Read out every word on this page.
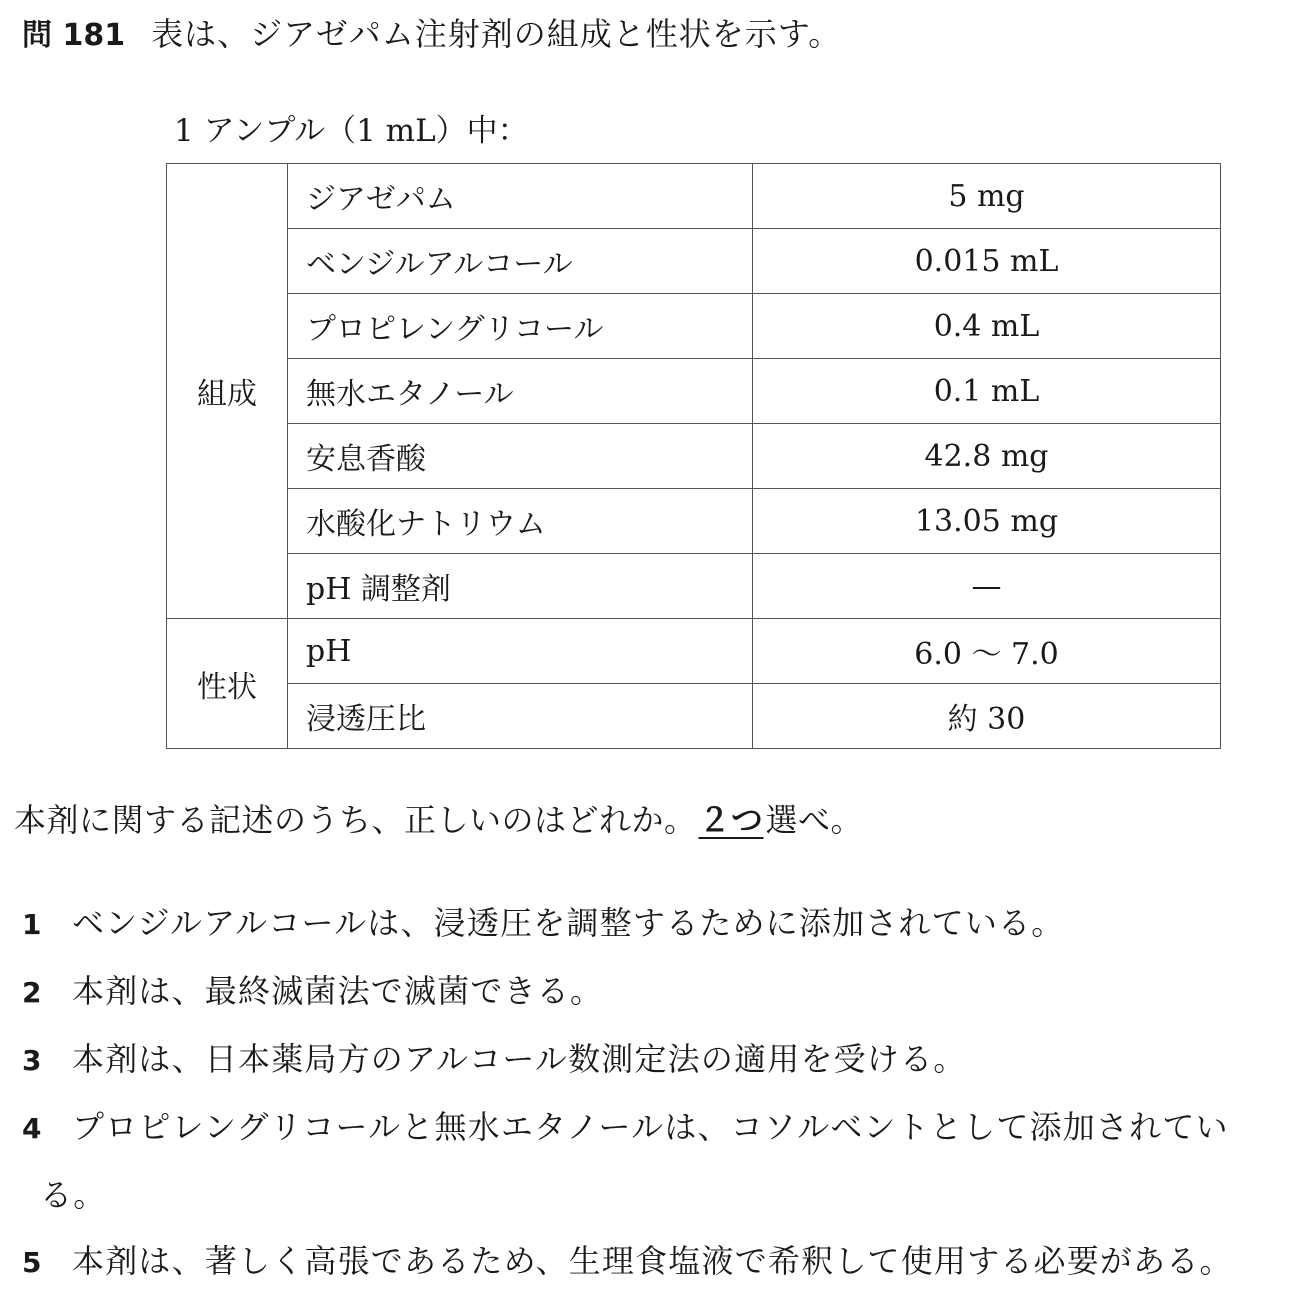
問 181 表は、ジアゼパム注射剤の組成と性状を示す。
1 アンプル（1 mL）中：
組成	ジアゼパム	5 mg
	ベンジルアルコール	0.015 mL
	プロピレングリコール	0.4 mL
	無水エタノール	0.1 mL
	安息香酸	42.8 mg
	水酸化ナトリウム	13.05 mg
	pH 調整剤	—
性状	pH	6.0 〜 7.0
	浸透圧比	約 30
本剤に関する記述のうち、正しいのはどれか。２つ選べ。
1 ベンジルアルコールは、浸透圧を調整するために添加されている。
2 本剤は、最終滅菌法で滅菌できる。
3 本剤は、日本薬局方のアルコール数測定法の適用を受ける。
4 プロピレングリコールと無水エタノールは、コソルベントとして添加されてい
る。
5 本剤は、著しく高張であるため、生理食塩液で希釈して使用する必要がある。
